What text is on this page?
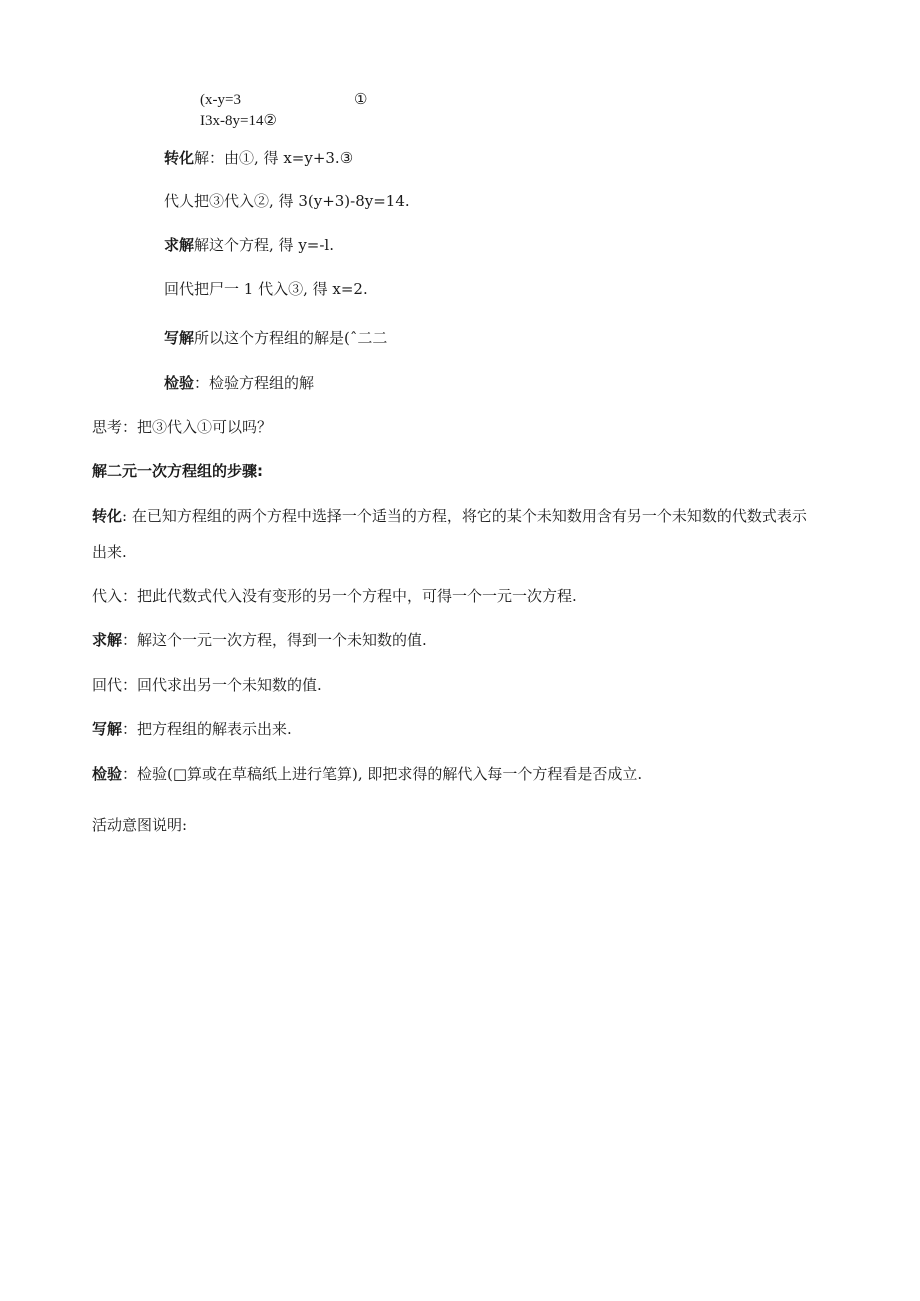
(x-y=3	①
I3x-8y=14②
转化解：由①, 得 x=y+3.③
代人把③代入②, 得 3(y+3)-8y=14.
求解解这个方程, 得 y=-l.
回代把尸一 1 代入③, 得 x=2.
写解所以这个方程组的解是(ˆ二二
检验：检验方程组的解
思考：把③代入①可以吗？
解二元一次方程组的步骤:
转化: 在已知方程组的两个方程中选择一个适当的方程，将它的某个未知数用含有另一个未知数的代数式表示
出来.
代入：把此代数式代入没有变形的另一个方程中，可得一个一元一次方程.
求解：解这个一元一次方程，得到一个未知数的值.
回代：回代求出另一个未知数的值.
写解：把方程组的解表示出来.
检验：检验(□算或在草稿纸上进行笔算), 即把求得的解代入每一个方程看是否成立.
活动意图说明:
